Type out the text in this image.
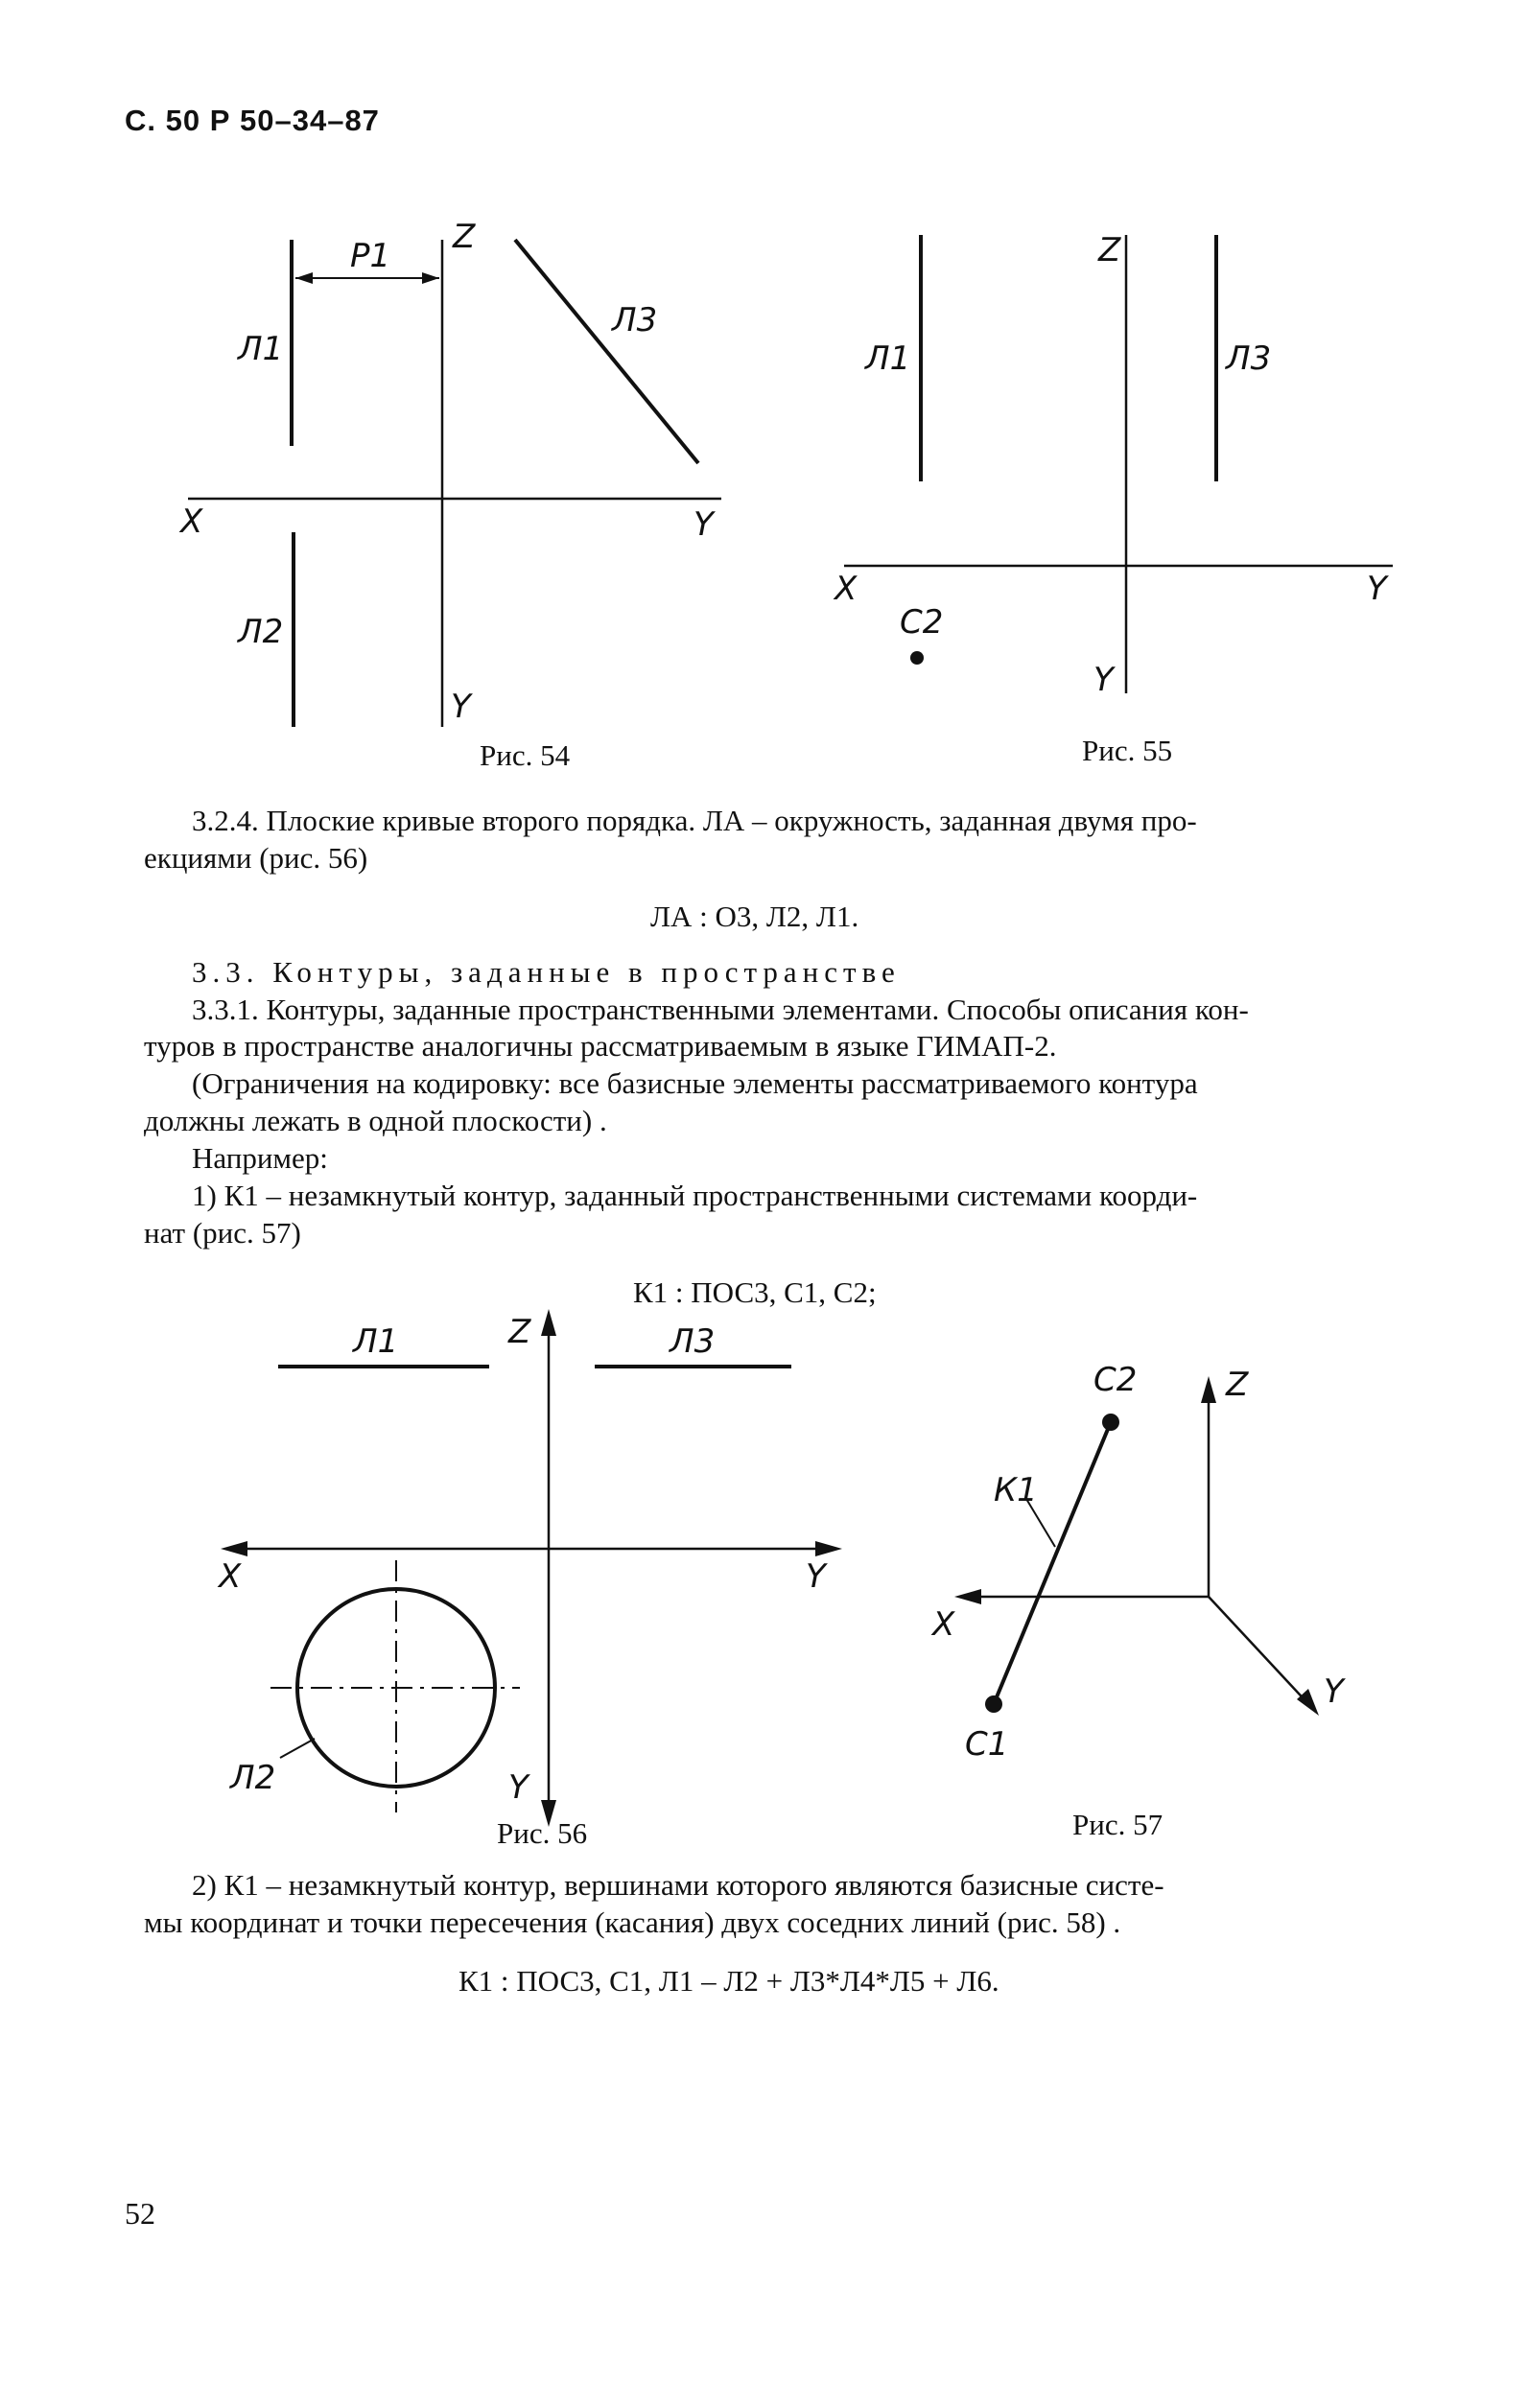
С. 50 Р 50–34–87
Р1 Z
Л1
Л3
X	Y
Л2
Y
Рис. 54
Z
Л1	Л3
X	Y
С2
Y
Рис. 55
3.2.4. Плоские кривые второго порядка. ЛА – окружность, заданная двумя про-
екциями (рис. 56)
ЛА : О3, Л2, Л1.
3.3. Контуры, заданные в пространстве
3.3.1. Контуры, заданные пространственными элементами. Способы описания кон-
туров в пространстве аналогичны рассматриваемым в языке ГИМАП-2.
(Ограничения на кодировку: все базисные элементы рассматриваемого контура
должны лежать в одной плоскости) .
Например:
1) К1 – незамкнутый контур, заданный пространственными системами коорди-
нат (рис. 57)
К1 : ПОС3, С1, С2;
Z
Л1	Л3
X	Y
Л2	Y
Рис. 56
С2	Z
К1
X
Y
С1
Рис. 57
2) К1 – незамкнутый контур, вершинами которого являются базисные систе-
мы координат и точки пересечения (касания) двух соседних линий (рис. 58) .
К1 : ПОС3, С1, Л1 – Л2 + Л3*Л4*Л5 + Л6.
52
